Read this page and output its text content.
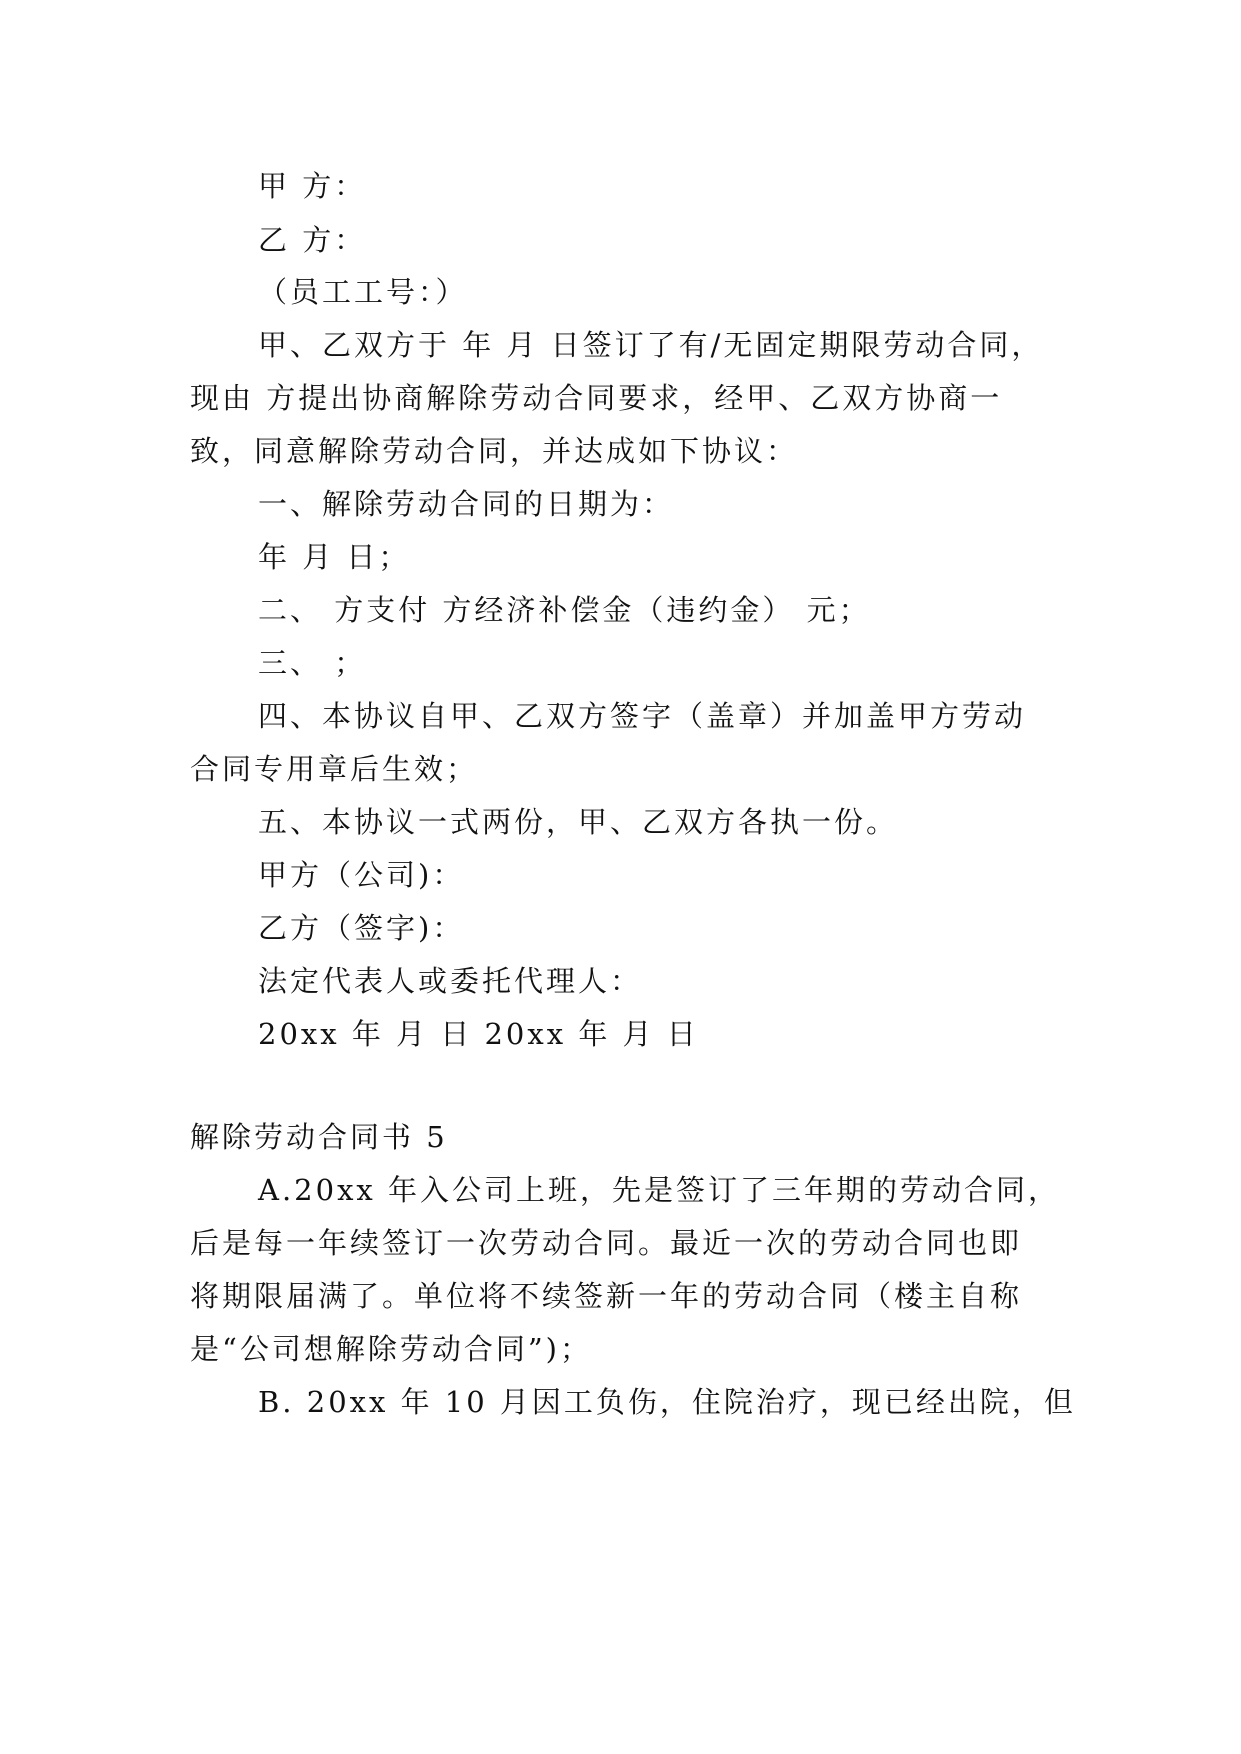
甲 方：
乙 方：
（员工工号：）
甲、乙双方于 年 月 日签订了有/无固定期限劳动合同，
现由 方提出协商解除劳动合同要求，经甲、乙双方协商一
致，同意解除劳动合同，并达成如下协议：
一、解除劳动合同的日期为：
年 月 日；
二、 方支付 方经济补偿金（违约金） 元；
三、 ；
四、本协议自甲、乙双方签字（盖章）并加盖甲方劳动
合同专用章后生效；
五、本协议一式两份，甲、乙双方各执一份。
甲方（公司)：
乙方（签字)：
法定代表人或委托代理人：
20xx 年 月 日 20xx 年 月 日
解除劳动合同书 5
A.20xx 年入公司上班，先是签订了三年期的劳动合同，
后是每一年续签订一次劳动合同。最近一次的劳动合同也即
将期限届满了。单位将不续签新一年的劳动合同（楼主自称
是“公司想解除劳动合同”)；
B. 20xx 年 10 月因工负伤，住院治疗，现已经出院，但
